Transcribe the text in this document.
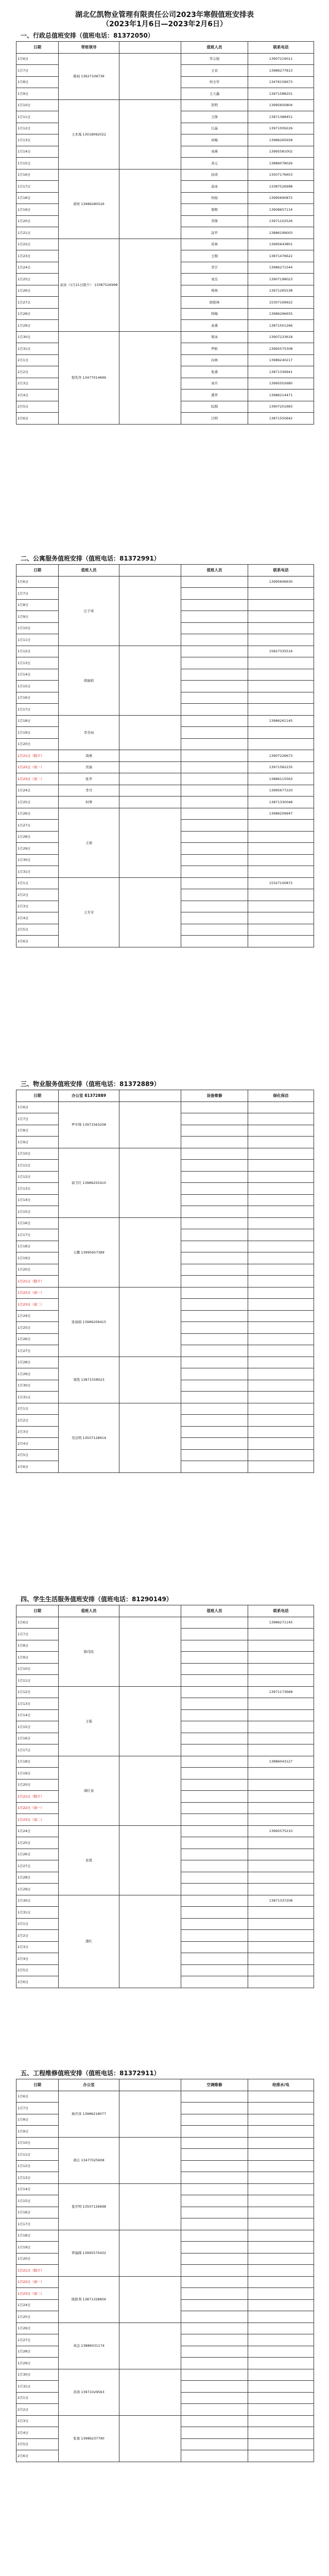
湖北亿凯物业管理有限责任公司2023年寒假值班安排表
（2023年1月6日—2023年2月6日）
一、行政总值班安排（值班电话：81372050）
日期	带班领导		值班人员	联系电话
1月6日	陈灿 13627106736		李志强	13907219011
1月7日			王春	13986277813
1月8日			何文学	13476156673
1月9日			王天鑫	13971588201
1月10日	王本地 13018092022		贺明	13995600804
1月11日			王锋	13871388451
1月12日			汪晶	13971009226
1月13日			冉梅	13986265658
1月14日			刘燕	13995581002
1月15日			黄元	13886078026
1月16日	胡欢 13986280526		孙涛	13507176653
1月17日			余冰	13387526998
1月18日			何灿	13995690872
1月19日			梁辉	13908657114
1月20日			李锋	13971102526
1月21日			涂苹	13886199003
1月22日	余冰（1月21日除夕） 13387526998		苏林	13995643801
1月23日			王刚	13871476622
1月24日			李宇	13986271544
1月25日			刘杰	13907198023
1月26日			郑林	13971265538
1月27日			欧阳林	15307169922
1月28日			韩梅	13986296655
1月29日			余燕	13871501266
1月30日	程先华 13477014699		梁冰	13907233618
1月31日			罗彬	13995575308
2月1日			向林	13986240217
2月2日			张燕	13871336941
2月3日			刘兵	13995502680
2月4日			潘华	13986214471
2月5日			阮刚	13907251683
2月6日			吕明	13871550642
二、公寓服务值班安排（值班电话：81372991）
日期	值班人员		值班人员	联系电话
1月6日	汪子琦			13995606630
1月7日				
1月8日				
1月9日				
1月10日				
1月11日				
1月12日	胡丽娟			15827335516
1月13日				
1月14日				
1月15日				
1月16日				
1月17日				
1月18日	李芳雨			13986261145
1月19日				
1月20日				
1月21日（除夕）	周燕			13907226673
1月22日（初一）	吴丽			13971582235
1月23日（初二）	张华			13886115563
1月24日	李丹			13995677220
1月25日	何琴			13871330048
1月26日	王丽			13986209947
1月27日				
1月28日				
1月29日				
1月30日				
1月31日				
2月1日	王芳芳			15327100872
2月2日				
2月3日				
2月4日				
2月5日				
2月6日				
三、物业服务值班安排（值班电话：81372889）
日期	办公室 81372889		设备维修	绿化保洁
1月6日	罗中锋 13971563208			
1月7日				
1月8日				
1月9日				
1月10日	徐卫红 13986255410			
1月11日				
1月12日				
1月13日				
1月14日				
1月15日				
1月16日	王鹏 13995657389			
1月17日				
1月18日				
1月19日				
1月20日				
1月21日（除夕）				
1月22日（初一）	张丽娟 13986209415			
1月23日（初二）				
1月24日				
1月25日				
1月26日				
1月27日				
1月28日	周凯 13871558023			
1月29日				
1月30日				
1月31日				
2月1日	吴达明 13507128914			
2月2日				
2月3日				
2月4日				
2月5日				
2月6日				
四、学生生活服务值班安排（值班电话：81290149）
日期	值班人员		值班人员	联系电话
1月6日	陈伟民			13986271145
1月7日				
1月8日				
1月9日				
1月10日				
1月11日				
1月12日	王强			13971173668
1月13日				
1月14日				
1月15日				
1月16日				
1月17日				
1月18日	谭红英			13886043127
1月19日				
1月20日				
1月21日（除夕）				
1月22日（初一）				
1月23日（初二）				
1月24日	苏凯			13995575210
1月25日				
1月26日				
1月27日				
1月28日				
1月29日				
1月30日	潘红			13871337208
1月31日				
2月1日				
2月2日				
2月3日				
2月4日				
2月5日				
2月6日				
五、工程维修值班安排（值班电话：81372911）
日期	办公室		空调维修	给排水/电
1月6日	杨庆祥 13986218077			
1月7日				
1月8日				
1月9日				
1月10日	胡志 13477025608			
1月11日				
1月12日				
1月13日				
1月14日	夏开明 13507126698			
1月15日				
1月16日				
1月17日				
1月18日	曾福刚 13995570432			
1月19日				
1月20日				
1月21日（除夕）				
1月22日（初一）	陈胜利 13871328856			
1月23日（初二）				
1月24日				
1月25日				
1月26日	刘金 13886031174			
1月27日				
1月28日				
1月29日				
1月30日	黄涛 13971029563			
1月31日				
2月1日				
2月2日				
2月3日	张勇 13986237790			
2月4日				
2月5日				
2月6日				
